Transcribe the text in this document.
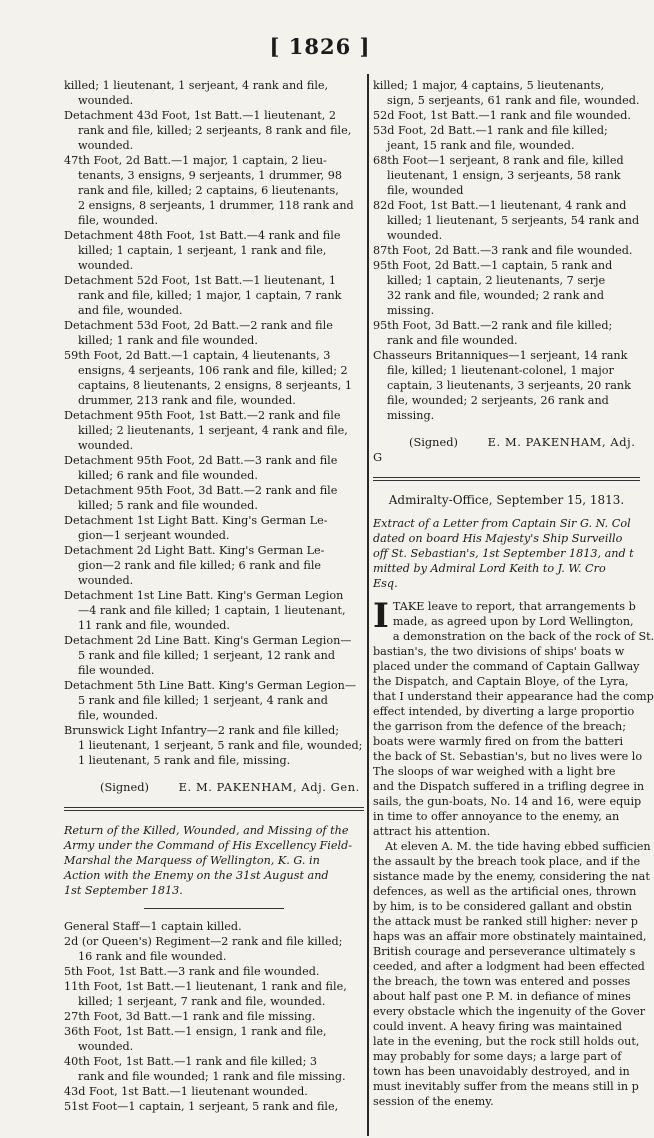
[ 1826 ]
killed; 1 lieutenant, 1 serjeant, 4 rank and file,
wounded.
Detachment 43d Foot, 1st Batt.—1 lieutenant, 2
rank and file, killed; 2 serjeants, 8 rank and file,
wounded.
47th Foot, 2d Batt.—1 major, 1 captain, 2 lieu-
tenants, 3 ensigns, 9 serjeants, 1 drummer, 98
rank and file, killed; 2 captains, 6 lieutenants,
2 ensigns, 8 serjeants, 1 drummer, 118 rank and
file, wounded.
Detachment 48th Foot, 1st Batt.—4 rank and file
killed; 1 captain, 1 serjeant, 1 rank and file,
wounded.
Detachment 52d Foot, 1st Batt.—1 lieutenant, 1
rank and file, killed; 1 major, 1 captain, 7 rank
and file, wounded.
Detachment 53d Foot, 2d Batt.—2 rank and file
killed; 1 rank and file wounded.
59th Foot, 2d Batt.—1 captain, 4 lieutenants, 3
ensigns, 4 serjeants, 106 rank and file, killed; 2
captains, 8 lieutenants, 2 ensigns, 8 serjeants, 1
drummer, 213 rank and file, wounded.
Detachment 95th Foot, 1st Batt.—2 rank and file
killed; 2 lieutenants, 1 serjeant, 4 rank and file,
wounded.
Detachment 95th Foot, 2d Batt.—3 rank and file
killed; 6 rank and file wounded.
Detachment 95th Foot, 3d Batt.—2 rank and file
killed; 5 rank and file wounded.
Detachment 1st Light Batt. King's German Le-
gion—1 serjeant wounded.
Detachment 2d Light Batt. King's German Le-
gion—2 rank and file killed; 6 rank and file
wounded.
Detachment 1st Line Batt. King's German Legion
—4 rank and file killed; 1 captain, 1 lieutenant,
11 rank and file, wounded.
Detachment 2d Line Batt. King's German Legion—
5 rank and file killed; 1 serjeant, 12 rank and
file wounded.
Detachment 5th Line Batt. King's German Legion—
5 rank and file killed; 1 serjeant, 4 rank and
file, wounded.
Brunswick Light Infantry—2 rank and file killed;
1 lieutenant, 1 serjeant, 5 rank and file, wounded;
1 lieutenant, 5 rank and file, missing.
(Signed)	E. M. PAKENHAM, Adj. Gen.
Return of the Killed, Wounded, and Missing of the
Army under the Command of His Excellency Field-
Marshal the Marquess of Wellington, K. G. in
Action with the Enemy on the 31st August and
1st September 1813.
General Staff—1 captain killed.
2d (or Queen's) Regiment—2 rank and file killed;
16 rank and file wounded.
5th Foot, 1st Batt.—3 rank and file wounded.
11th Foot, 1st Batt.—1 lieutenant, 1 rank and file,
killed; 1 serjeant, 7 rank and file, wounded.
27th Foot, 3d Batt.—1 rank and file missing.
36th Foot, 1st Batt.—1 ensign, 1 rank and file,
wounded.
40th Foot, 1st Batt.—1 rank and file killed; 3
rank and file wounded; 1 rank and file missing.
43d Foot, 1st Batt.—1 lieutenant wounded.
51st Foot—1 captain, 1 serjeant, 5 rank and file,
killed; 1 major, 4 captains, 5 lieutenants,
sign, 5 serjeants, 61 rank and file, wounded.
52d Foot, 1st Batt.—1 rank and file wounded.
53d Foot, 2d Batt.—1 rank and file killed;
jeant, 15 rank and file, wounded.
68th Foot—1 serjeant, 8 rank and file, killed
lieutenant, 1 ensign, 3 serjeants, 58 rank
file, wounded
82d Foot, 1st Batt.—1 lieutenant, 4 rank and
killed; 1 lieutenant, 5 serjeants, 54 rank and
wounded.
87th Foot, 2d Batt.—3 rank and file wounded.
95th Foot, 2d Batt.—1 captain, 5 rank and
killed; 1 captain, 2 lieutenants, 7 serje
32 rank and file, wounded; 2 rank and
missing.
95th Foot, 3d Batt.—2 rank and file killed;
rank and file wounded.
Chasseurs Britanniques—1 serjeant, 14 rank
file, killed; 1 lieutenant-colonel, 1 major
captain, 3 lieutenants, 3 serjeants, 20 rank
file, wounded; 2 serjeants, 26 rank and
missing.
(Signed)	E. M. PAKENHAM, Adj. G
Admiralty-Office, September 15, 1813.
Extract of a Letter from Captain Sir G. N. Col
dated on board His Majesty's Ship Surveillo
off St. Sebastian's, 1st September 1813, and t
mitted by Admiral Lord Keith to J. W. Cro
Esq.
I TAKE leave to report, that arrangements b
made, as agreed upon by Lord Wellington,
a demonstration on the back of the rock of St.
bastian's, the two divisions of ships' boats w
placed under the command of Captain Gallway
the Dispatch, and Captain Bloye, of the Lyra,
that I understand their appearance had the comp
effect intended, by diverting a large proportio
the garrison from the defence of the breach;
boats were warmly fired on from the batteri
the back of St. Sebastian's, but no lives were lo
The sloops of war weighed with a light bre
and the Dispatch suffered in a trifling degree in
sails, the gun-boats, No. 14 and 16, were equip
in time to offer annoyance to the enemy, an
attract his attention.
At eleven A. M. the tide having ebbed sufficien
the assault by the breach took place, and if the
sistance made by the enemy, considering the nat
defences, as well as the artificial ones, thrown
by him, is to be considered gallant and obstin
the attack must be ranked still higher: never p
haps was an affair more obstinately maintained,
British courage and perseverance ultimately s
ceeded, and after a lodgment had been effected
the breach, the town was entered and posses
about half past one P. M. in defiance of mines
every obstacle which the ingenuity of the Gover
could invent. A heavy firing was maintained
late in the evening, but the rock still holds out,
may probably for some days; a large part of
town has been unavoidably destroyed, and in
must inevitably suffer from the means still in p
session of the enemy.
